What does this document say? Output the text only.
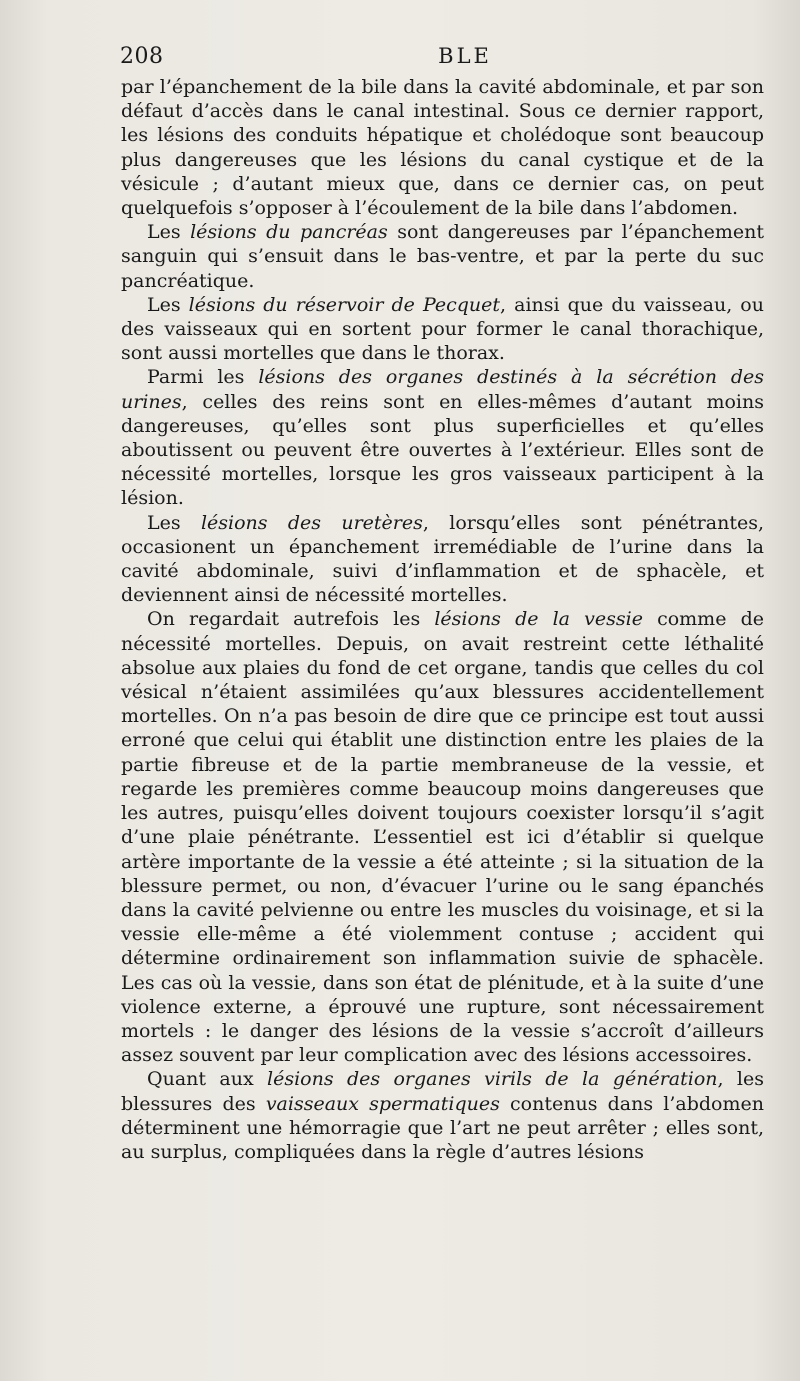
208	BLE

par l’épanchement de la bile dans la cavité abdominale, et par son défaut d’accès dans le canal intestinal. Sous ce dernier rapport, les lésions des conduits hépatique et cholédoque sont beaucoup plus dangereuses que les lésions du canal cystique et de la vésicule ; d’autant mieux que, dans ce dernier cas, on peut quelquefois s’opposer à l’écoulement de la bile dans l’abdomen.

Les lésions du pancréas sont dangereuses par l’épanchement sanguin qui s’ensuit dans le bas-ventre, et par la perte du suc pancréatique.

Les lésions du réservoir de Pecquet, ainsi que du vaisseau, ou des vaisseaux qui en sortent pour former le canal thorachique, sont aussi mortelles que dans le thorax.

Parmi les lésions des organes destinés à la sécrétion des urines, celles des reins sont en elles-mêmes d’autant moins dangereuses, qu’elles sont plus superficielles et qu’elles aboutissent ou peuvent être ouvertes à l’extérieur. Elles sont de nécessité mortelles, lorsque les gros vaisseaux participent à la lésion.

Les lésions des uretères, lorsqu’elles sont pénétrantes, occasionent un épanchement irremédiable de l’urine dans la cavité abdominale, suivi d’inflammation et de sphacèle, et deviennent ainsi de nécessité mortelles.

On regardait autrefois les lésions de la vessie comme de nécessité mortelles. Depuis, on avait restreint cette léthalité absolue aux plaies du fond de cet organe, tandis que celles du col vésical n’étaient assimilées qu’aux blessures accidentellement mortelles. On n’a pas besoin de dire que ce principe est tout aussi erroné que celui qui établit une distinction entre les plaies de la partie fibreuse et de la partie membraneuse de la vessie, et regarde les premières comme beaucoup moins dangereuses que les autres, puisqu’elles doivent toujours coexister lorsqu’il s’agit d’une plaie pénétrante. L’essentiel est ici d’établir si quelque artère importante de la vessie a été atteinte ; si la situation de la blessure permet, ou non, d’évacuer l’urine ou le sang épanchés dans la cavité pelvienne ou entre les muscles du voisinage, et si la vessie elle-même a été violemment contuse ; accident qui détermine ordinairement son inflammation suivie de sphacèle. Les cas où la vessie, dans son état de plénitude, et à la suite d’une violence externe, a éprouvé une rupture, sont nécessairement mortels : le danger des lésions de la vessie s’accroît d’ailleurs assez souvent par leur complication avec des lésions accessoires.

Quant aux lésions des organes virils de la génération, les blessures des vaisseaux spermatiques contenus dans l’abdomen déterminent une hémorragie que l’art ne peut arrêter ; elles sont, au surplus, compliquées dans la règle d’autres lésions
